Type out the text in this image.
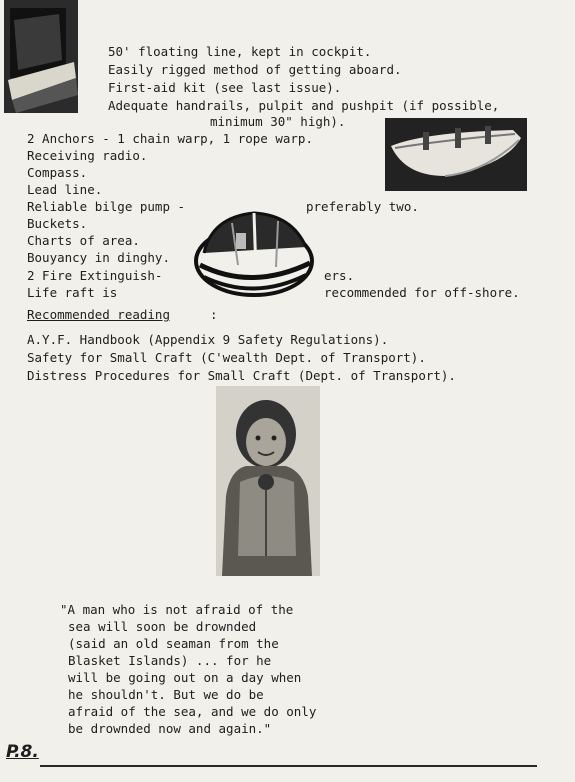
50' floating line, kept in cockpit.
Easily rigged method of getting aboard.
First-aid kit (see last issue).
Adequate handrails, pulpit and pushpit (if possible,
minimum 30" high).
2 Anchors - 1 chain warp, 1 rope warp.
Receiving radio.
Compass.
Lead line.
Reliable bilge pump -	preferably two.
Buckets.
Charts of area.
Bouyancy in dinghy.
2 Fire Extinguish-	ers.
Life raft is	recommended for off-shore.
Recommended reading	:
A.Y.F. Handbook (Appendix 9 Safety Regulations).
Safety for Small Craft (C'wealth Dept. of Transport).
Distress Procedures for Small Craft (Dept. of Transport).
"A man who is not afraid of the
sea will soon be drownded
(said an old seaman from the
Blasket Islands) ... for he
will be going out on a day when
he shouldn't. But we do be
afraid of the sea, and we do only
be drownded now and again."
P.8.
